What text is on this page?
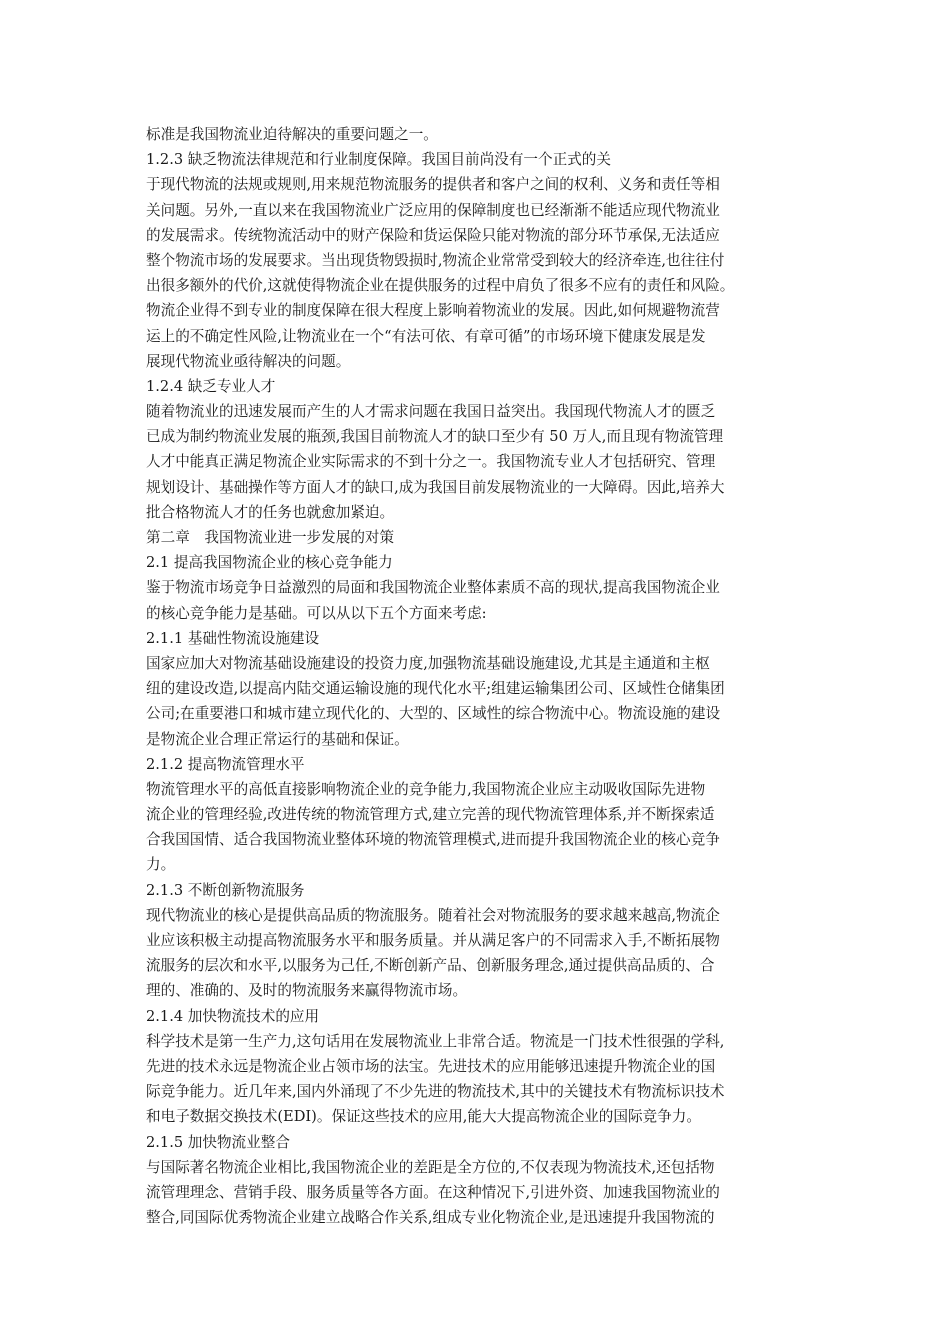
标准是我国物流业迫待解决的重要问题之一。
1.2.3 缺乏物流法律规范和行业制度保障。我国目前尚没有一个正式的关
于现代物流的法规或规则,用来规范物流服务的提供者和客户之间的权利、义务和责任等相
关问题。另外,一直以来在我国物流业广泛应用的保障制度也已经渐渐不能适应现代物流业
的发展需求。传统物流活动中的财产保险和货运保险只能对物流的部分环节承保,无法适应
整个物流市场的发展要求。当出现货物毁损时,物流企业常常受到较大的经济牵连,也往往付
出很多额外的代价,这就使得物流企业在提供服务的过程中肩负了很多不应有的责任和风险。
物流企业得不到专业的制度保障在很大程度上影响着物流业的发展。因此,如何规避物流营
运上的不确定性风险,让物流业在一个“有法可依、有章可循”的市场环境下健康发展是发
展现代物流业亟待解决的问题。
1.2.4 缺乏专业人才
随着物流业的迅速发展而产生的人才需求问题在我国日益突出。我国现代物流人才的匮乏
已成为制约物流业发展的瓶颈,我国目前物流人才的缺口至少有 50 万人,而且现有物流管理
人才中能真正满足物流企业实际需求的不到十分之一。我国物流专业人才包括研究、管理
规划设计、基础操作等方面人才的缺口,成为我国目前发展物流业的一大障碍。因此,培养大
批合格物流人才的任务也就愈加紧迫。
第二章　我国物流业进一步发展的对策
2.1 提高我国物流企业的核心竞争能力
鉴于物流市场竞争日益激烈的局面和我国物流企业整体素质不高的现状,提高我国物流企业
的核心竞争能力是基础。可以从以下五个方面来考虑:
2.1.1 基础性物流设施建设
国家应加大对物流基础设施建设的投资力度,加强物流基础设施建设,尤其是主通道和主枢
纽的建设改造,以提高内陆交通运输设施的现代化水平;组建运输集团公司、区域性仓储集团
公司;在重要港口和城市建立现代化的、大型的、区域性的综合物流中心。物流设施的建设
是物流企业合理正常运行的基础和保证。
2.1.2 提高物流管理水平
物流管理水平的高低直接影响物流企业的竞争能力,我国物流企业应主动吸收国际先进物
流企业的管理经验,改进传统的物流管理方式,建立完善的现代物流管理体系,并不断探索适
合我国国情、适合我国物流业整体环境的物流管理模式,进而提升我国物流企业的核心竞争
力。
2.1.3 不断创新物流服务
现代物流业的核心是提供高品质的物流服务。随着社会对物流服务的要求越来越高,物流企
业应该积极主动提高物流服务水平和服务质量。并从满足客户的不同需求入手,不断拓展物
流服务的层次和水平,以服务为己任,不断创新产品、创新服务理念,通过提供高品质的、合
理的、准确的、及时的物流服务来赢得物流市场。
2.1.4 加快物流技术的应用
科学技术是第一生产力,这句话用在发展物流业上非常合适。物流是一门技术性很强的学科,
先进的技术永远是物流企业占领市场的法宝。先进技术的应用能够迅速提升物流企业的国
际竞争能力。近几年来,国内外涌现了不少先进的物流技术,其中的关键技术有物流标识技术
和电子数据交换技术(EDI)。保证这些技术的应用,能大大提高物流企业的国际竞争力。
2.1.5 加快物流业整合
与国际著名物流企业相比,我国物流企业的差距是全方位的,不仅表现为物流技术,还包括物
流管理理念、营销手段、服务质量等各方面。在这种情况下,引进外资、加速我国物流业的
整合,同国际优秀物流企业建立战略合作关系,组成专业化物流企业,是迅速提升我国物流的
